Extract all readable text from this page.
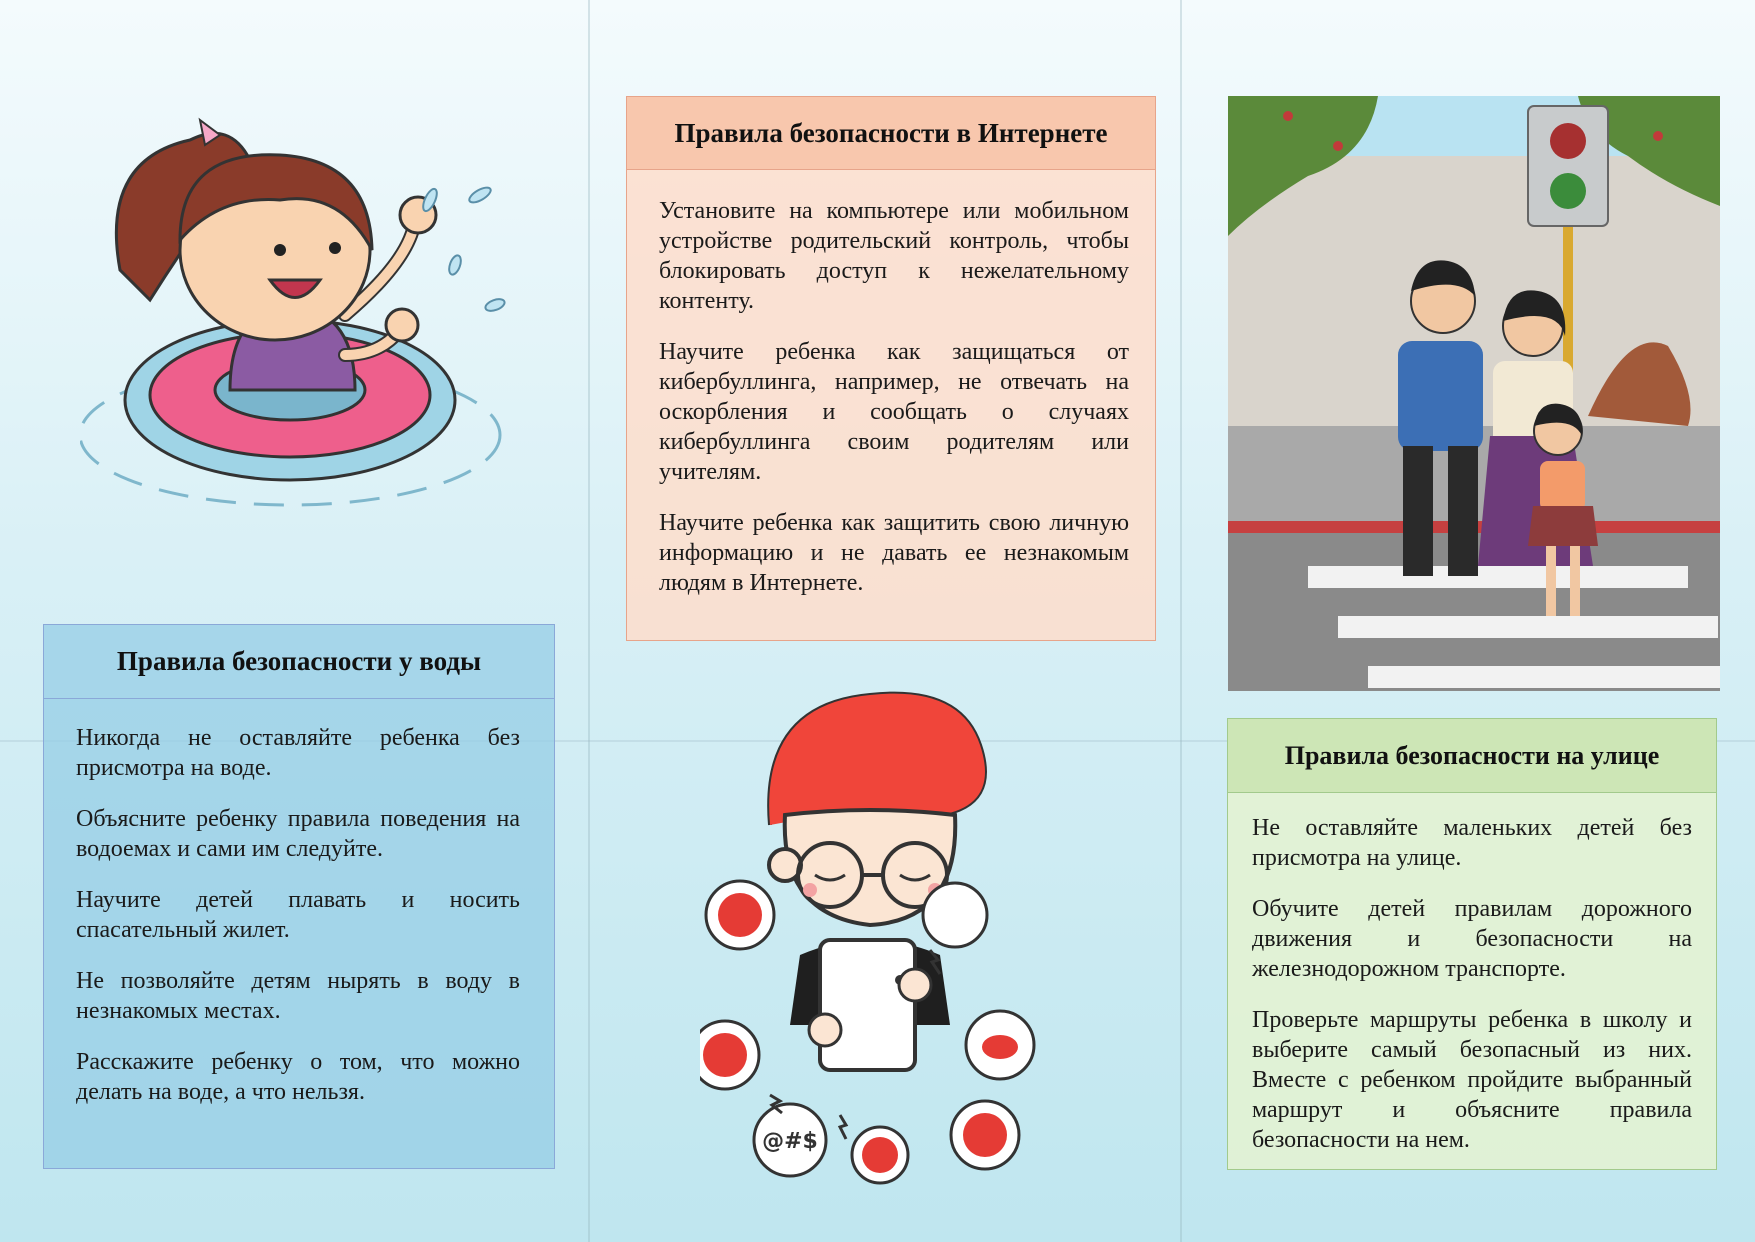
Правила безопасности в Интернете

Установите на компьютере или мобильном устройстве родительский контроль, чтобы блокировать доступ к нежелательному контенту.

Научите ребенка как защищаться от кибербуллинга, например, не отвечать на оскорбления и сообщать о случаях кибербуллинга своим родителям или учителям.

Научите ребенка как защитить свою личную информацию и не давать ее незнакомым людям в Интернете.

Правила безопасности у воды

Никогда не оставляйте ребенка без присмотра на воде.

Объясните ребенку правила поведения на водоемах и сами им следуйте.

Научите детей плавать и носить спасательный жилет.

Не позволяйте детям нырять в воду в незнакомых местах.

Расскажите ребенку о том, что можно делать на воде, а что нельзя.

@#$
Правила безопасности на улице

Не оставляйте маленьких детей без присмотра на улице.

Обучите детей правилам дорожного движения и безопасности на железнодорожном транспорте.

Проверьте маршруты ребенка в школу и выберите самый безопасный из них. Вместе с ребенком пройдите выбранный маршрут и объясните правила безопасности на нем.
